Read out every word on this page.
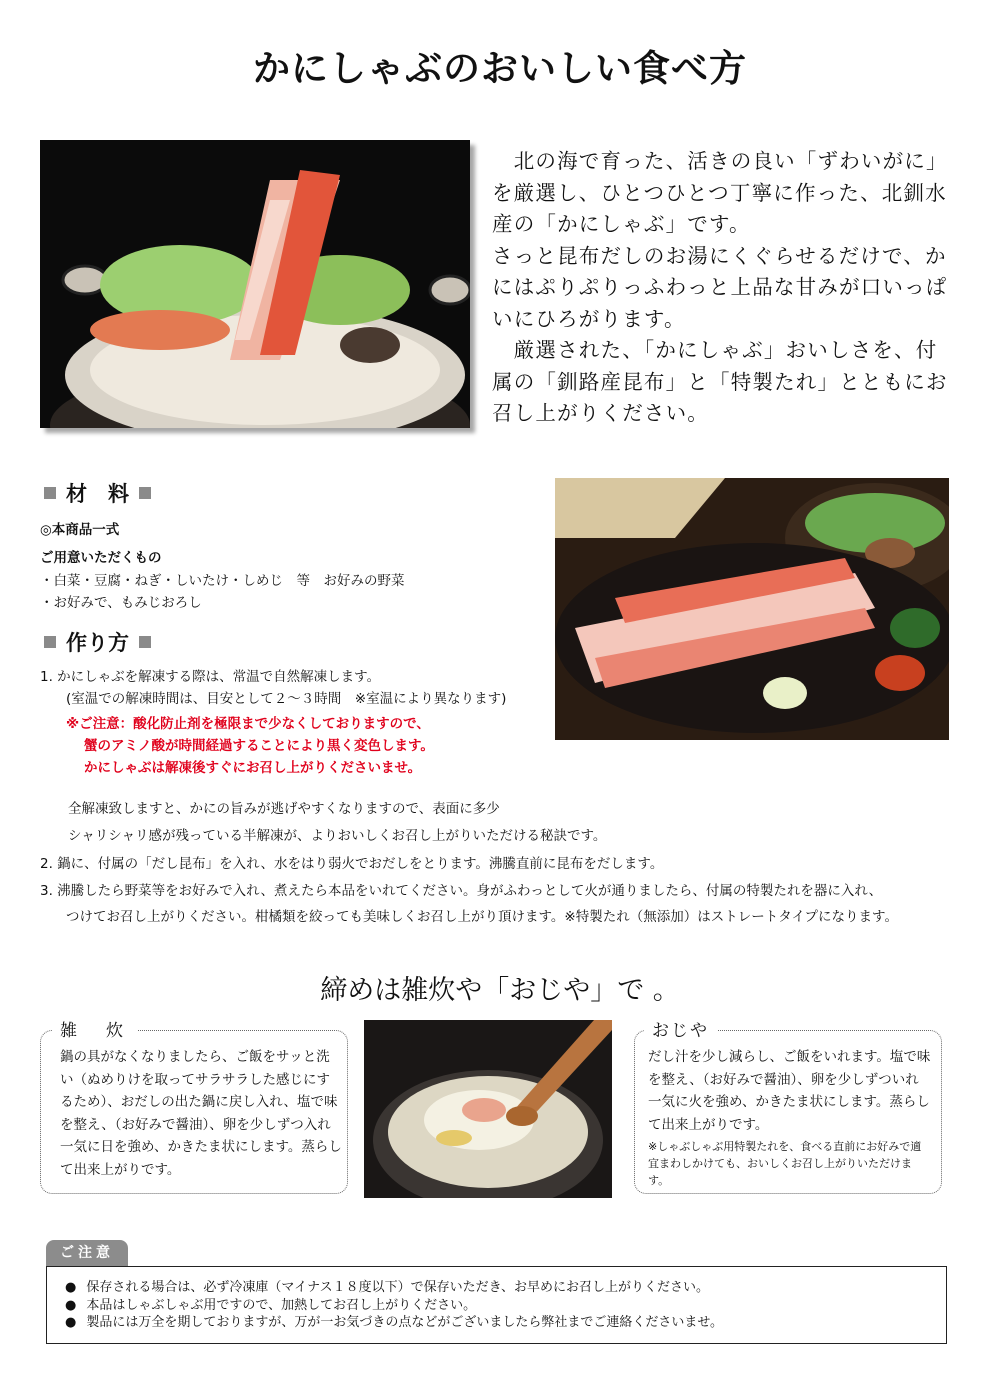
かにしゃぶのおいしい食べ方

　北の海で育った、活きの良い「ずわいがに」を厳選し、ひとつひとつ丁寧に作った、北釧水産の「かにしゃぶ」です。

さっと昆布だしのお湯にくぐらせるだけで、かにはぷりぷりっふわっと上品な甘みが口いっぱいにひろがります。

　厳選された、「かにしゃぶ」おいしさを、付属の「釧路産昆布」と「特製たれ」とともにお召し上がりください。

材　料
◎本商品一式
ご用意いただくもの
・白菜・豆腐・ねぎ・しいたけ・しめじ　等　お好みの野菜
・お好みで、もみじおろし
作り方
1. かにしゃぶを解凍する際は、常温で自然解凍します。
(室温での解凍時間は、目安として２～３時間　※室温により異なります)
※ご注意：酸化防止剤を極限まで少なくしておりますので、
蟹のアミノ酸が時間経過することにより黒く変色します。
かにしゃぶは解凍後すぐにお召し上がりくださいませ。
全解凍致しますと、かにの旨みが逃げやすくなりますので、表面に多少
シャリシャリ感が残っている半解凍が、よりおいしくお召し上がりいただける秘訣です。
2. 鍋に、付属の「だし昆布」を入れ、水をはり弱火でおだしをとります。沸騰直前に昆布をだします。
3. 沸騰したら野菜等をお好みで入れ、煮えたら本品をいれてください。身がふわっとして火が通りましたら、付属の特製たれを器に入れ、
つけてお召し上がりください。柑橘類を絞っても美味しくお召し上がり頂けます。※特製たれ（無添加）はストレートタイプになります。
締めは雑炊や「おじや」で 。
雑　炊
鍋の具がなくなりましたら、ご飯をサッと洗い（ぬめりけを取ってサラサラした感じにするため）、おだしの出た鍋に戻し入れ、塩で味を整え、（お好みで醤油）、卵を少しずつ入れ一気に日を強め、かきたま状にします。蒸らして出来上がりです。
おじや
だし汁を少し減らし、ご飯をいれます。塩で味を整え、（お好みで醤油）、卵を少しずついれ一気に火を強め、かきたま状にします。蒸らして出来上がりです。
※しゃぶしゃぶ用特製たれを、食べる直前にお好みで適宜まわしかけても、おいしくお召し上がりいただけます。
ご注意
● 保存される場合は、必ず冷凍庫（マイナス１８度以下）で保存いただき、お早めにお召し上がりください。
● 本品はしゃぶしゃぶ用ですので、加熱してお召し上がりください。
● 製品には万全を期しておりますが、万が一お気づきの点などがございましたら弊社までご連絡くださいませ。
